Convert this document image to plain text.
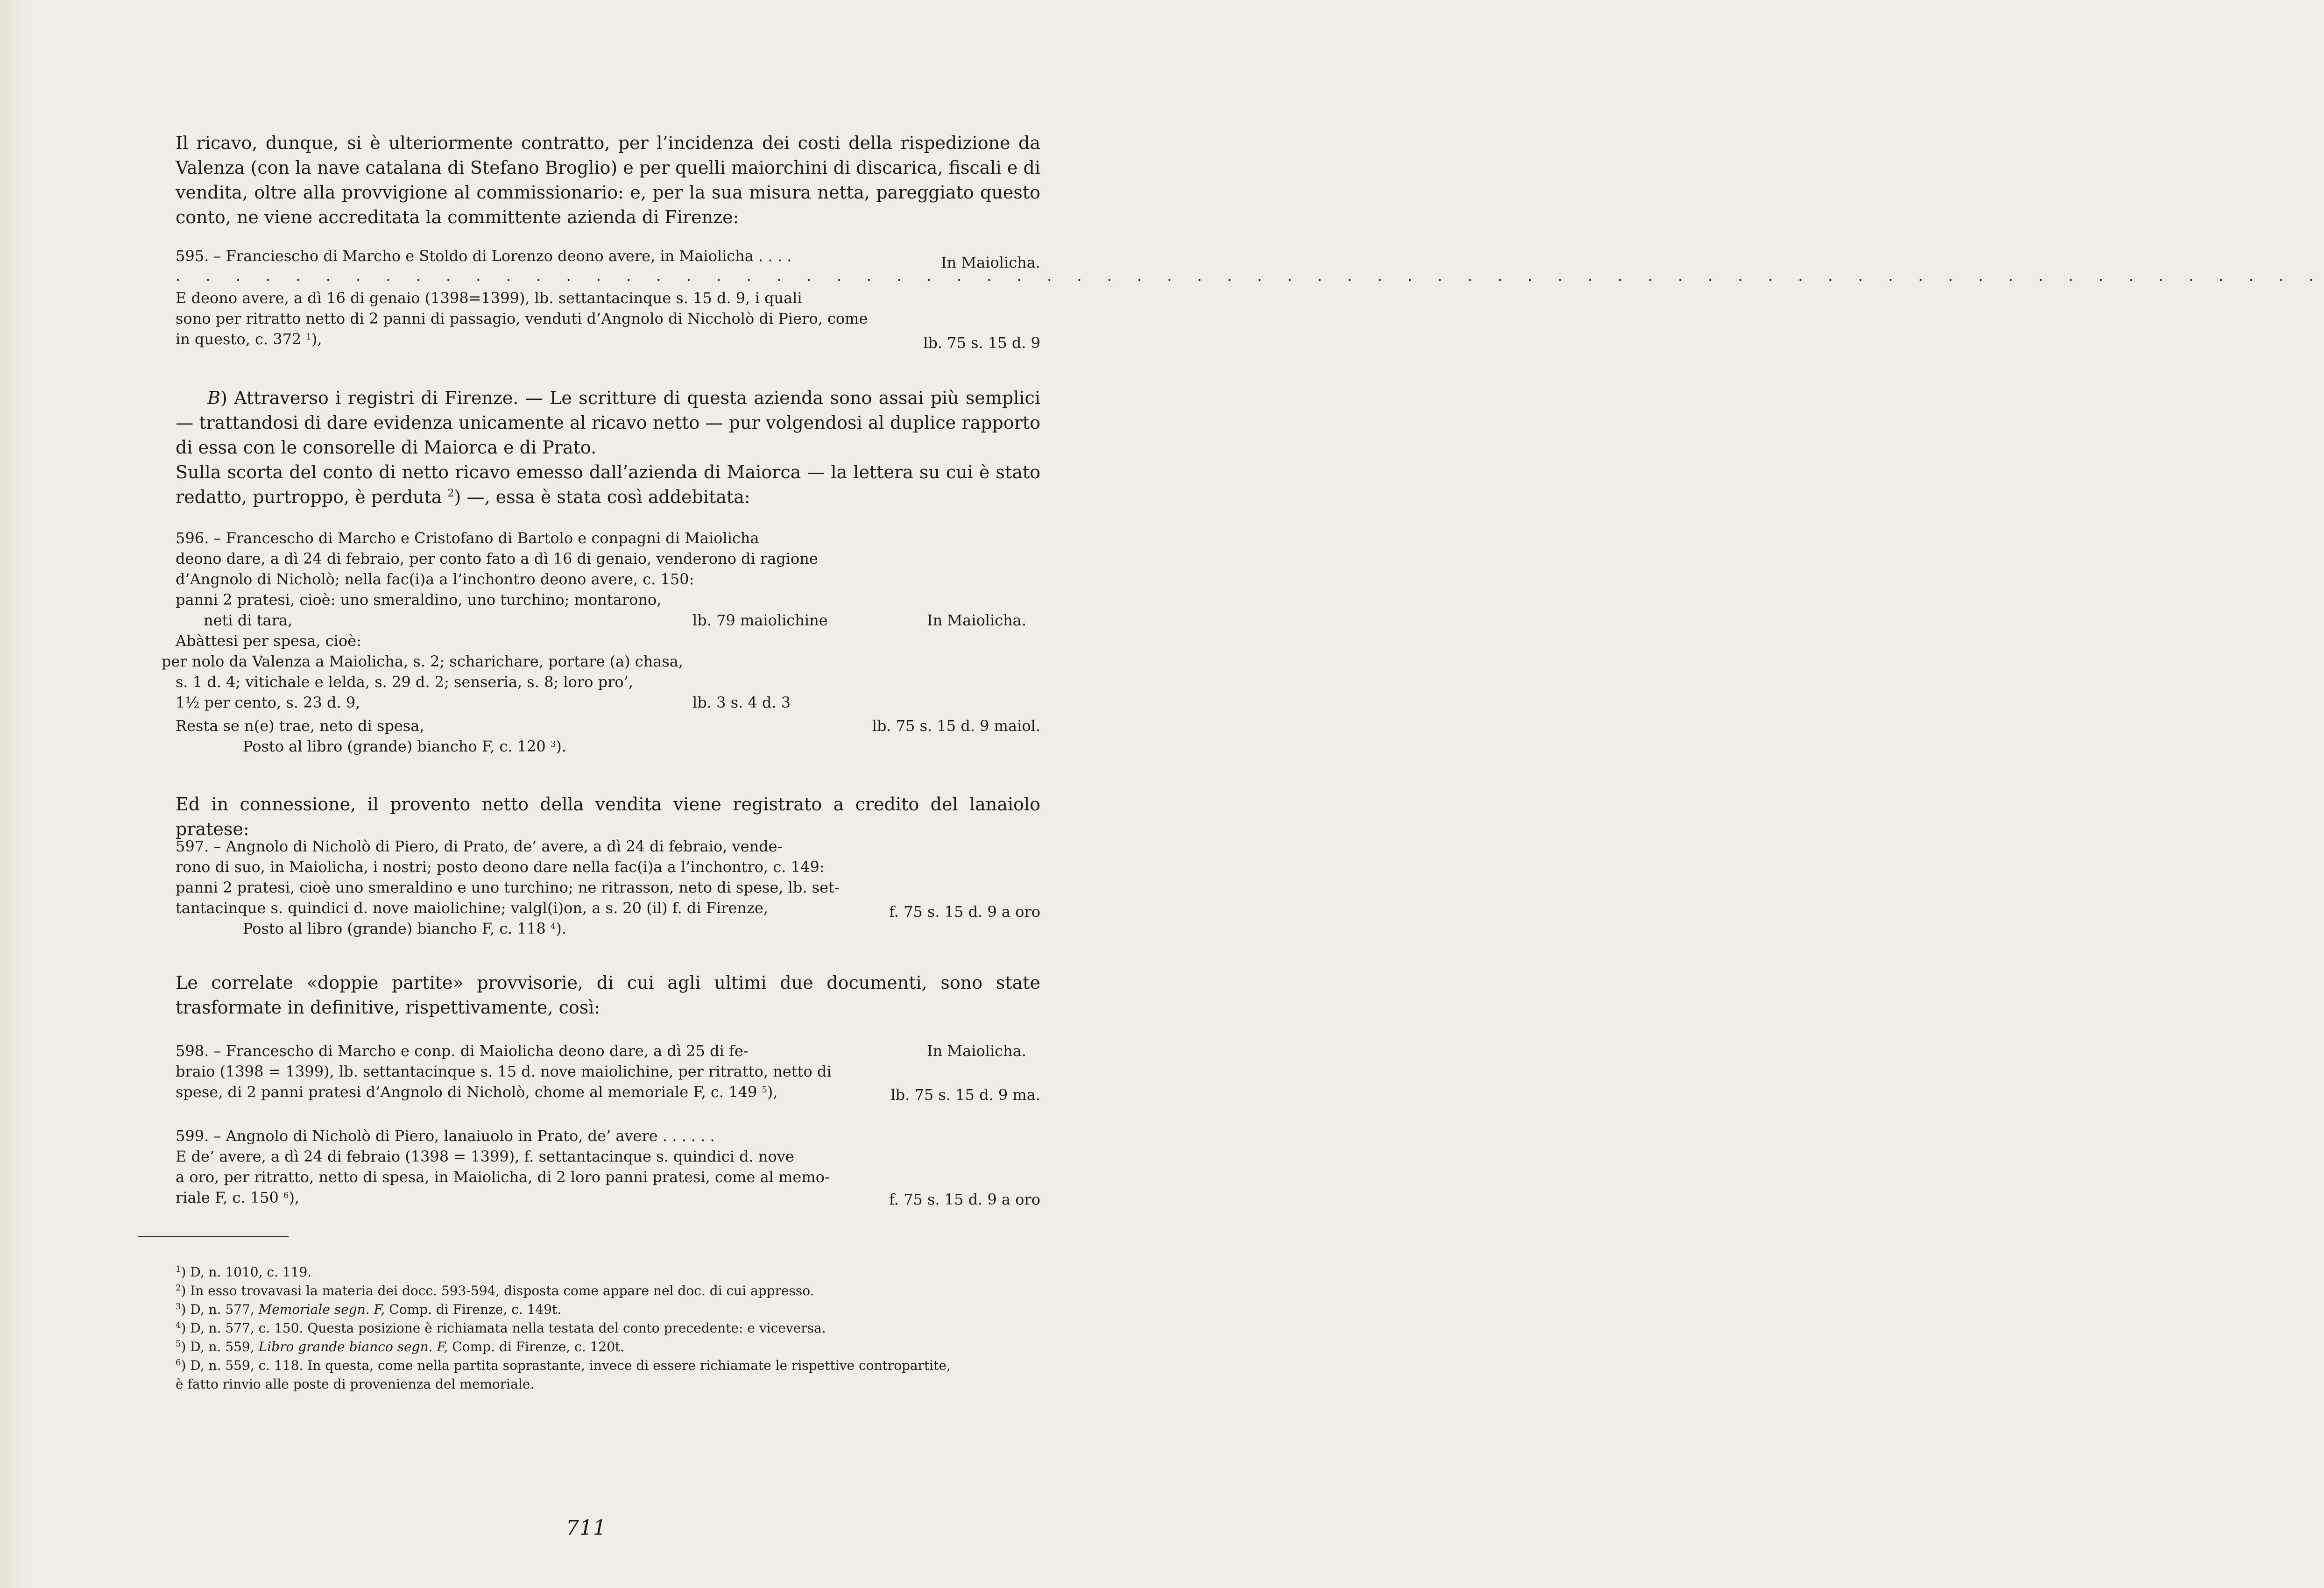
Il ricavo, dunque, si è ulteriormente contratto, per l’incidenza dei costi della rispedizione da Valenza (con la nave catalana di Stefano Broglio) e per quelli maiorchini di discarica, fiscali e di vendita, oltre alla provvigione al commissionario: e, per la sua misura netta, pareggiato questo conto, ne viene accreditata la committente azienda di Firenze:

595. – Franciescho di Marcho e Stoldo di Lorenzo deono avere, in Maiolicha . . . .	In Maiolicha.
. . . . . . . . . . . . . . . . . . . . . . . . . . . . . . . . . . . . . . . . . . . . . . . . . . . . . . . . . . . . . . . . . . . . . . . .
E deono avere, a dì 16 di genaio (1398=1399), lb. settantacinque s. 15 d. 9, i quali
sono per ritratto netto di 2 panni di passagio, venduti d’Angnolo di Niccholò di Piero, come
in questo, c. 372 $^1$),	lb. 75 s. 15 d. 9

B) Attraverso i registri di Firenze. — Le scritture di questa azienda sono assai più semplici — trattandosi di dare evidenza unicamente al ricavo netto — pur volgendosi al duplice rapporto di essa con le consorelle di Maiorca e di Prato.

Sulla scorta del conto di netto ricavo emesso dall’azienda di Maiorca — la lettera su cui è stato redatto, purtroppo, è perduta $^2$) —, essa è stata così addebitata:

596. – Francescho di Marcho e Cristofano di Bartolo e conpagni di Maiolicha
deono dare, a dì 24 di febraio, per conto fato a dì 16 di genaio, venderono di ragione
d’Angnolo di Nicholò; nella fac(i)a a l’inchontro deono avere, c. 150:
panni 2 pratesi, cioè: uno smeraldino, uno turchino; montarono,
neti di tara,	lb. 79 maiolichine	In Maiolicha.
Abàttesi per spesa, cioè:
per nolo da Valenza a Maiolicha, s. 2; scharichare, portare (a) chasa,
s. 1 d. 4; vitichale e lelda, s. 29 d. 2; senseria, s. 8; loro pro’,
1½ per cento, s. 23 d. 9,	lb. 3 s. 4 d. 3
Resta se n(e) trae, neto di spesa,	lb. 75 s. 15 d. 9 maiol.
Posto al libro (grande) biancho F, c. 120 $^3$).

Ed in connessione, il provento netto della vendita viene registrato a credito del lanaiolo pratese:

597. – Angnolo di Nicholò di Piero, di Prato, de’ avere, a dì 24 di febraio, vende-
rono di suo, in Maiolicha, i nostri; posto deono dare nella fac(i)a a l’inchontro, c. 149:
panni 2 pratesi, cioè uno smeraldino e uno turchino; ne ritrasson, neto di spese, lb. set-
tantacinque s. quindici d. nove maiolichine; valgl(i)on, a s. 20 (il) f. di Firenze,	f. 75 s. 15 d. 9 a oro
Posto al libro (grande) biancho F, c. 118 $^4$).

Le correlate «doppie partite» provvisorie, di cui agli ultimi due documenti, sono state trasformate in definitive, rispettivamente, così:

598. – Francescho di Marcho e conp. di Maiolicha deono dare, a dì 25 di fe-	In Maiolicha.
braio (1398 = 1399), lb. settantacinque s. 15 d. nove maiolichine, per ritratto, netto di
spese, di 2 panni pratesi d’Angnolo di Nicholò, chome al memoriale F, c. 149 $^5$),	lb. 75 s. 15 d. 9 ma.
599. – Angnolo di Nicholò di Piero, lanaiuolo in Prato, de’ avere . . . . . .
E de’ avere, a dì 24 di febraio (1398 = 1399), f. settantacinque s. quindici d. nove
a oro, per ritratto, netto di spesa, in Maiolicha, di 2 loro panni pratesi, come al memo-
riale F, c. 150 $^6$),	f. 75 s. 15 d. 9 a oro

$^1$) D, n. 1010, c. 119.

$^2$) In esso trovavasi la materia dei docc. 593-594, disposta come appare nel doc. di cui appresso.

$^3$) D, n. 577, Memoriale segn. F, Comp. di Firenze, c. 149t.

$^4$) D, n. 577, c. 150. Questa posizione è richiamata nella testata del conto precedente: e viceversa.

$^5$) D, n. 559, Libro grande bianco segn. F, Comp. di Firenze, c. 120t.

$^6$) D, n. 559, c. 118. In questa, come nella partita soprastante, invece di essere richiamate le rispettive contropartite,

è fatto rinvio alle poste di provenienza del memoriale.

711
